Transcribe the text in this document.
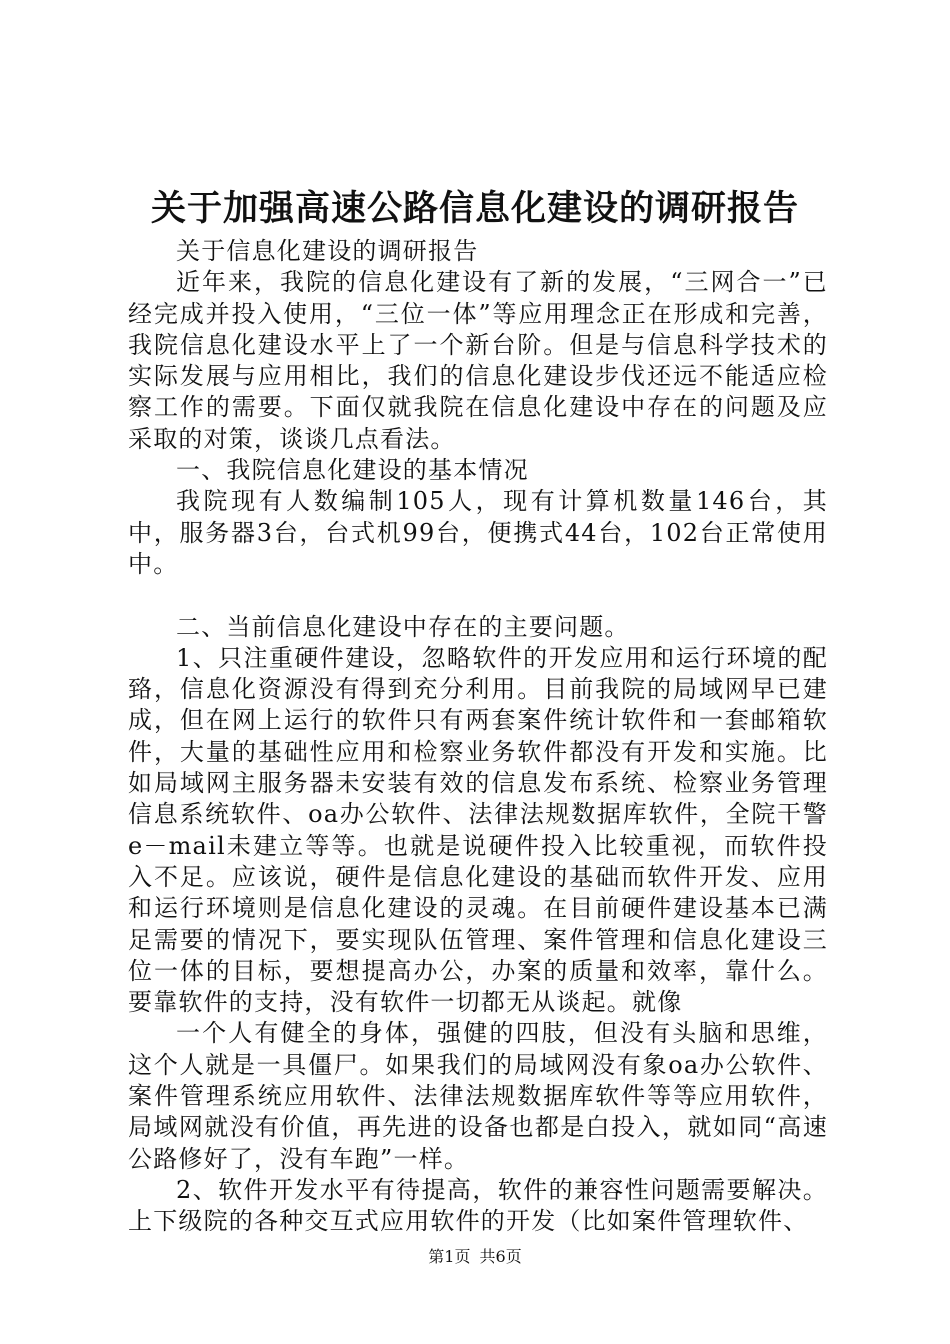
关于加强高速公路信息化建设的调研报告

关于信息化建设的调研报告

近年来，我院的信息化建设有了新的发展，“三网合一”已经完成并投入使用，“三位一体”等应用理念正在形成和完善，我院信息化建设水平上了一个新台阶。但是与信息科学技术的实际发展与应用相比，我们的信息化建设步伐还远不能适应检察工作的需要。下面仅就我院在信息化建设中存在的问题及应采取的对策，谈谈几点看法。

一、我院信息化建设的基本情况

我院现有人数编制105人，现有计算机数量146台，其中，服务器3台，台式机99台，便携式44台，102台正常使用中。

二、当前信息化建设中存在的主要问题。

1、只注重硬件建设，忽略软件的开发应用和运行环境的配臵，信息化资源没有得到充分利用。目前我院的局域网早已建成，但在网上运行的软件只有两套案件统计软件和一套邮箱软件，大量的基础性应用和检察业务软件都没有开发和实施。比如局域网主服务器未安装有效的信息发布系统、检察业务管理信息系统软件、oa办公软件、法律法规数据库软件，全院干警e－mail未建立等等。也就是说硬件投入比较重视，而软件投入不足。应该说，硬件是信息化建设的基础而软件开发、应用和运行环境则是信息化建设的灵魂。在目前硬件建设基本已满足需要的情况下，要实现队伍管理、案件管理和信息化建设三位一体的目标，要想提高办公，办案的质量和效率，靠什么。要靠软件的支持，没有软件一切都无从谈起。就像

一个人有健全的身体，强健的四肢，但没有头脑和思维，这个人就是一具僵尸。如果我们的局域网没有象oa办公软件、案件管理系统应用软件、法律法规数据库软件等等应用软件，局域网就没有价值，再先进的设备也都是白投入，就如同“高速公路修好了，没有车跑”一样。

2、软件开发水平有待提高，软件的兼容性问题需要解决。上下级院的各种交互式应用软件的开发（比如案件管理软件、

第1页 共6页
